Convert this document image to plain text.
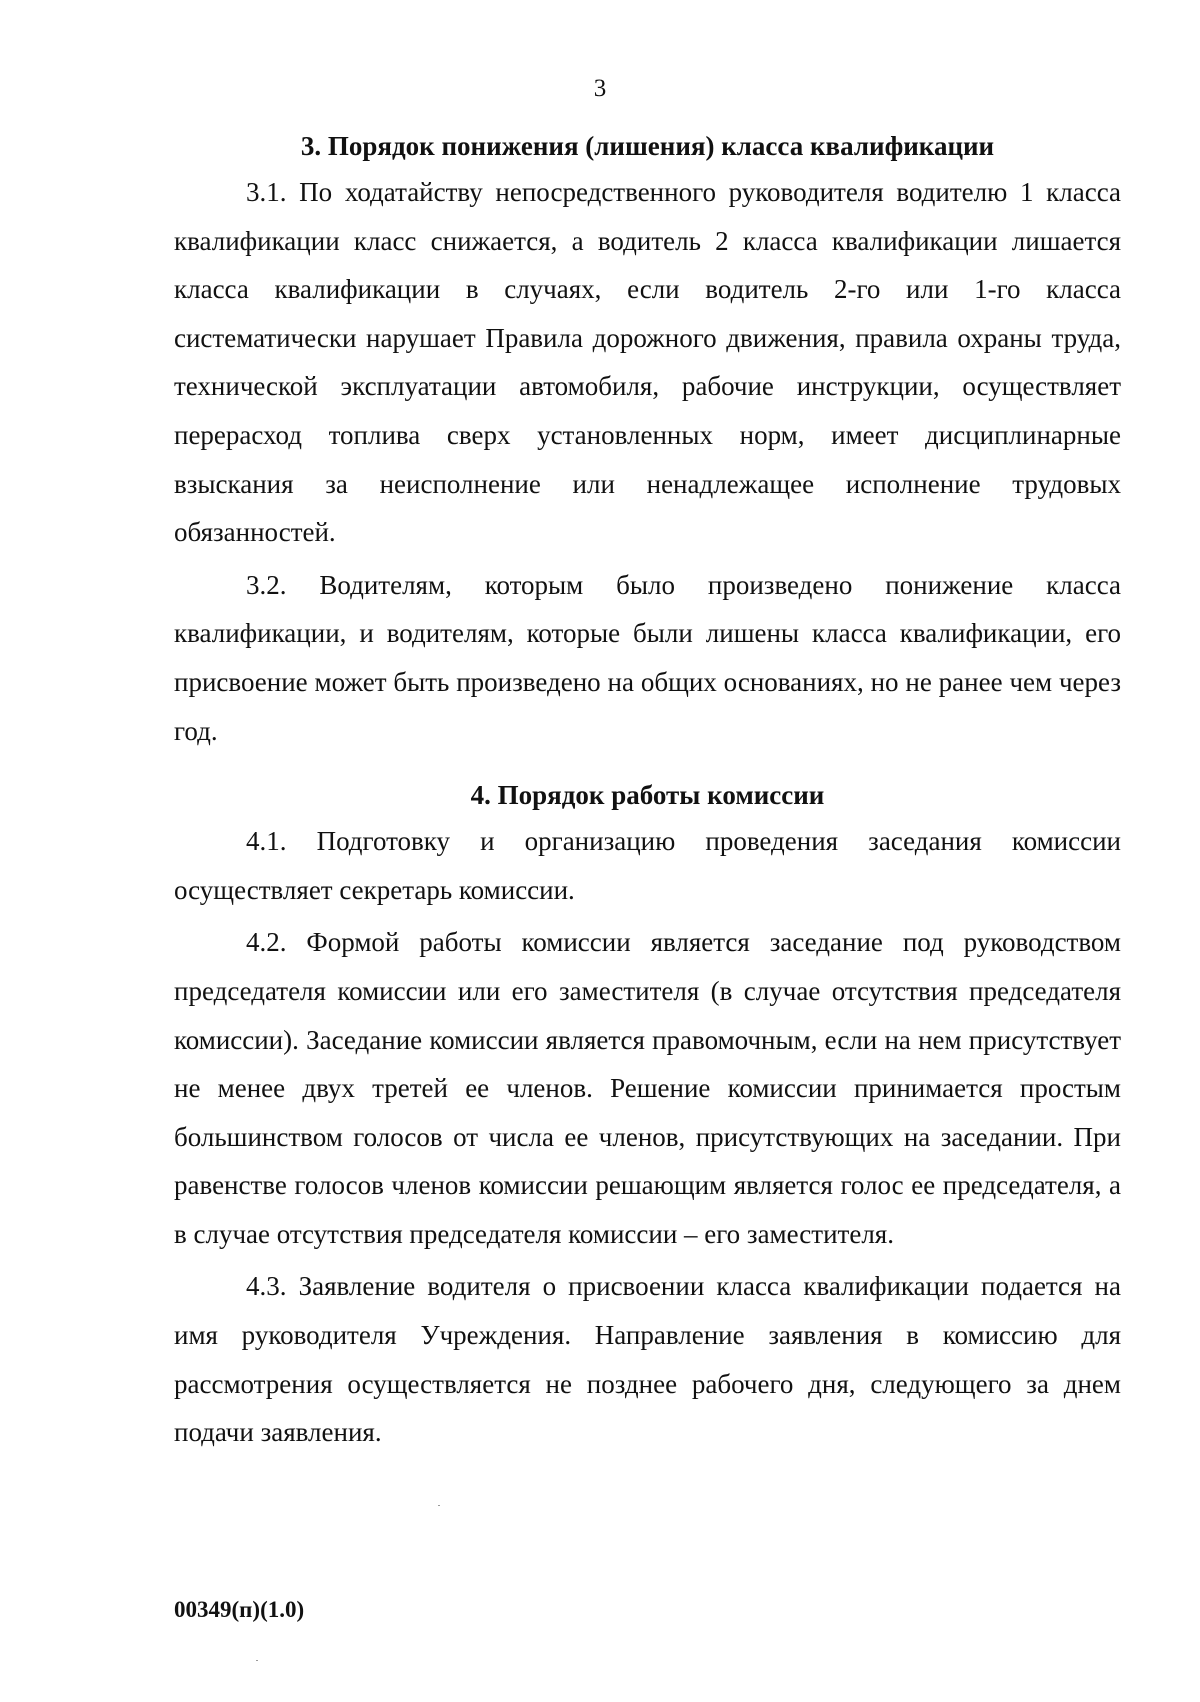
3
3. Порядок понижения (лишения) класса квалификации

3.1. По ходатайству непосредственного руководителя водителю 1 класса квалификации класс снижается, а водитель 2 класса квалификации лишается класса квалификации в случаях, если водитель 2-го или 1-го класса систематически нарушает Правила дорожного движения, правила охраны труда, технической эксплуатации автомобиля, рабочие инструкции, осуществляет перерасход топлива сверх установленных норм, имеет дисциплинарные взыскания за неисполнение или ненадлежащее исполнение трудовых обязанностей.

3.2. Водителям, которым было произведено понижение класса квалификации, и водителям, которые были лишены класса квалификации, его присвоение может быть произведено на общих основаниях, но не ранее чем через год.

4. Порядок работы комиссии

4.1. Подготовку и организацию проведения заседания комиссии осуществляет секретарь комиссии.

4.2. Формой работы комиссии является заседание под руководством председателя комиссии или его заместителя (в случае отсутствия председателя комиссии). Заседание комиссии является правомочным, если на нем присутствует не менее двух третей ее членов. Решение комиссии принимается простым большинством голосов от числа ее членов, присутствующих на заседании. При равенстве голосов членов комиссии решающим является голос ее председателя, а в случае отсутствия председателя комиссии – его заместителя.

4.3. Заявление водителя о присвоении класса квалификации подается на имя руководителя Учреждения. Направление заявления в комиссию для рассмотрения осуществляется не позднее рабочего дня, следующего за днем подачи заявления.

00349(п)(1.0)
